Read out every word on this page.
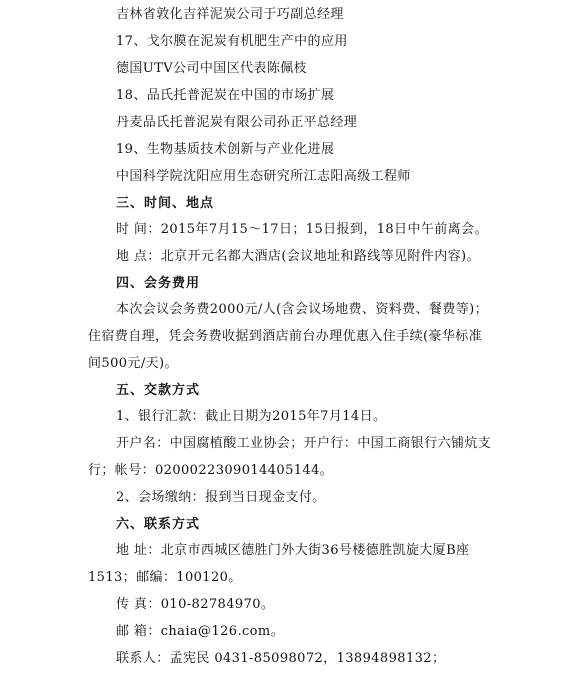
吉林省敦化吉祥泥炭公司于巧副总经理
17、戈尔膜在泥炭有机肥生产中的应用
德国UTV公司中国区代表陈佩枝
18、品氏托普泥炭在中国的市场扩展
丹麦品氏托普泥炭有限公司孙正平总经理
19、生物基质技术创新与产业化进展
中国科学院沈阳应用生态研究所江志阳高级工程师
三、时间、地点
时 间：2015年7月15～17日；15日报到，18日中午前离会。
地 点：北京开元名都大酒店(会议地址和路线等见附件内容)。
四、会务费用
本次会议会务费2000元/人(含会议场地费、资料费、餐费等)；
住宿费自理，凭会务费收据到酒店前台办理优惠入住手续(豪华标准
间500元/天)。
五、交款方式
1、银行汇款：截止日期为2015年7月14日。
开户名：中国腐植酸工业协会；开户行：中国工商银行六铺炕支
行；帐号：0200022309014405144。
2、会场缴纳：报到当日现金支付。
六、联系方式
地 址：北京市西城区德胜门外大街36号楼德胜凯旋大厦B座
1513；邮编：100120。
传 真：010-82784970。
邮 箱：chaia@126.com。
联系人：孟宪民 0431-85098072，13894898132；
